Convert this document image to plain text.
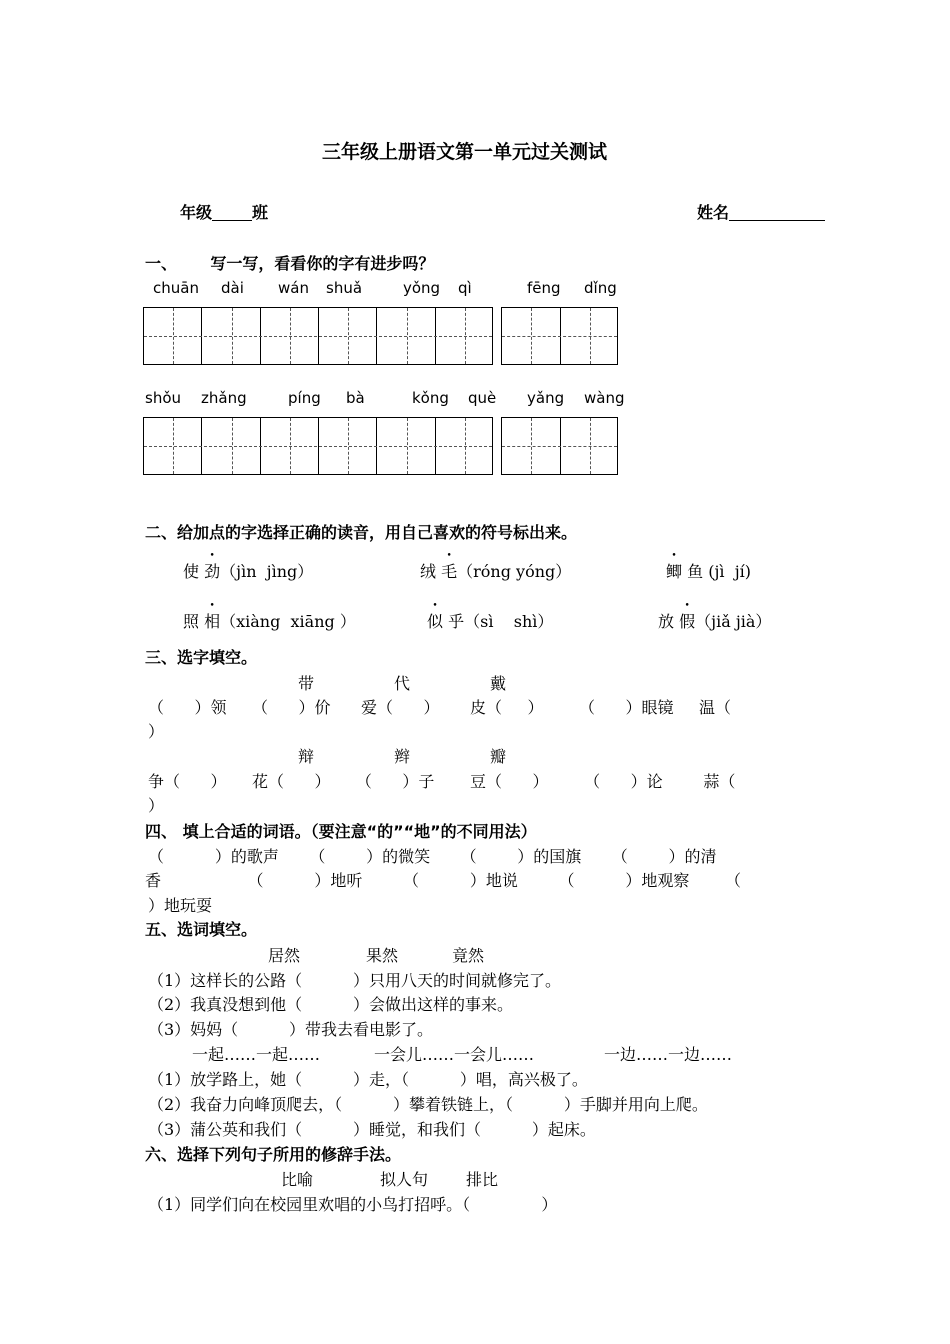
三年级上册语文第一单元过关测试
年级	班	姓名
一、      写一写，看看你的字有进步吗？
chuān dài wán shuǎ	yǒng qì	fēng dǐng
shǒu zhǎng	píng bà	kǒng què yǎng wàng
二、给加点的字选择正确的读音，用自己喜欢的符号标出来。
使 劲（jìn  jìng）	绒 毛（róng yóng）	鲫 鱼 (jì  jí)
照 相（xiàng  xiāng ）	似 乎（sì    shì）	放 假（jiǎ jià）
三、选字填空。
带	代	戴
（      ）领     （      ）价      爱（      ）      皮（     ）       （      ）眼镜     温（
）
辩	辫	瓣
争（      ）     花（      ）     （      ）子       豆（      ）       （      ）论        蒜（
）
四、 填上合适的词语。（要注意“的”“地”的不同用法）
（          ）的歌声      （        ）的微笑      （        ）的国旗      （        ）的清
香                 （          ）地听        （          ）地说        （          ）地观察       （
）地玩耍
五、选词填空。
居然	果然	竟然
（1）这样长的公路（          ）只用八天的时间就修完了。
（2）我真没想到他（          ）会做出这样的事来。
（3）妈妈（          ）带我去看电影了。
一起……一起……	一会儿……一会儿……	一边……一边……
（1）放学路上，她（          ）走，（          ）唱，高兴极了。
（2）我奋力向峰顶爬去，（          ）攀着铁链上，（          ）手脚并用向上爬。
（3）蒲公英和我们（          ）睡觉，和我们（          ）起床。
六、选择下列句子所用的修辞手法。
比喻	拟人句 排比
（1）同学们向在校园里欢唱的小鸟打招呼。（              ）
